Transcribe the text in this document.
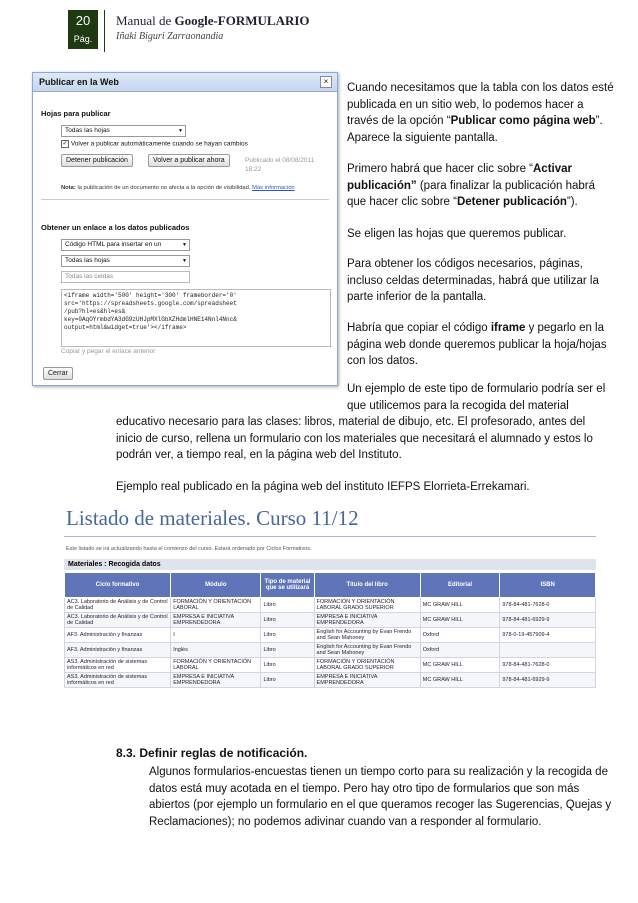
20
Pág.
Manual de Google-FORMULARIO
Iñaki Biguri Zarraonandia
Publicar en la Web	×
Hojas para publicar
Todas las hojas ▼
✓ Volver a publicar automáticamente cuando se hayan cambios
Detener publicación	Volver a publicar ahora	Publicado el 08/08/2011 18:22
Nota: la publicación de un documento no afecta a la opción de visibilidad. Más información
Obtener un enlace a los datos publicados
Código HTML para insertar en un ▼
Todas las hojas ▼
Todas las celdas
<iframe width='500' height='300' frameborder='0'
src='https://spreadsheets.google.com/spreadsheet
/pub?hl=es&hl=es&
key=0AqOYrmbdYA3dG9zUHJpMXlGbXZHdmlHNE14Nnl4Nnc&
output=html&widget=true'></iframe>
Copiar y pegar el enlace anterior
Cerrar
Cuando necesitamos que la tabla con los datos esté publicada en un sitio web, lo podemos hacer a través de la opción “Publicar como página web”. Aparece la siguiente pantalla.
Primero habrá que hacer clic sobre “Activar publicación” (para finalizar la publicación habrá que hacer clic sobre “Detener publicación”).
Se eligen las hojas que queremos publicar.
Para obtener los códigos necesarios, páginas, incluso celdas determinadas, habrá que utilizar la parte inferior de la pantalla.
Habría que copiar el código iframe y pegarlo en la página web donde queremos publicar la hoja/hojas con los datos.
Un ejemplo de este tipo de formulario podría ser el que utilicemos para la recogida del material
educativo necesario para las clases: libros, material de dibujo, etc. El profesorado, antes del inicio de curso, rellena un formulario con los materiales que necesitará el alumnado y estos lo podrán ver, a tiempo real, en la página web del Instituto.
Ejemplo real publicado en la página web del instituto IEFPS Elorrieta-Errekamari.
Listado de materiales. Curso 11/12
Este listado se irá actualizando hasta el comienzo del curso. Estará ordenado por Ciclos Formativos.
Materiales : Recogida datos
Ciclo formativo	Módulo	Tipo de material que se utilizará	Título del libro	Editorial	ISBN
AC3. Laboratorio de Análisis y de Control de Calidad	FORMACIÓN Y ORIENTACIÓN LABORAL	Libro	FORMACIÓN Y ORIENTACIÓN LABORAL GRADO SUPERIOR	MC GRAW HILL	978-84-481-7628-0
AC3. Laboratorio de Análisis y de Control de Calidad	EMPRESA E INICIATIVA EMPRENDEDORA	Libro	EMPRESA E INICIATIVA EMPRENDEDORA	MC GRAW HILL	978-84-481-6929-9
AF3. Administración y finanzas	I	Libro	English for Accounting by Evan Frendo and Sean Mahoney	Oxford	978-0-19-457909-4
AF3. Administración y finanzas	Inglés	Libro	English for Accounting by Evan Frendo and Sean Mahoney	Oxford	
AS3. Administración de sistemas informáticos en red	FORMACIÓN Y ORIENTACIÓN LABORAL	Libro	FORMACIÓN Y ORIENTACIÓN LABORAL GRADO SUPERIOR	MC GRAW HILL	978-84-481-7628-0
AS3. Administración de sistemas informáticos en red	EMPRESA E INICIATIVA EMPRENDEDORA	Libro	EMPRESA E INICIATIVA EMPRENDEDORA	MC GRAW HILL	978-84-481-6929-9
8.3. Definir reglas de notificación.
Algunos formularios-encuestas tienen un tiempo corto para su realización y la recogida de datos está muy acotada en el tiempo. Pero hay otro tipo de formularios que son más abiertos (por ejemplo un formulario en el que queramos recoger las Sugerencias, Quejas y Reclamaciones); no podemos adivinar cuando van a responder al formulario.
